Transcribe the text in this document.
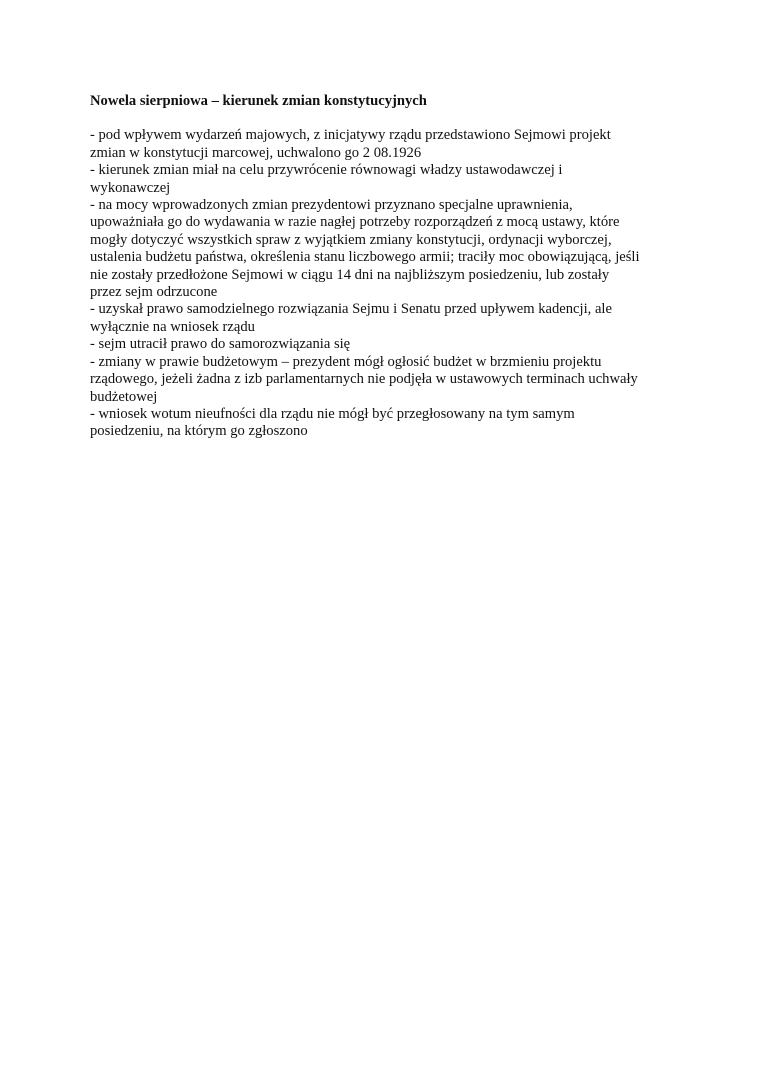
Nowela sierpniowa – kierunek zmian konstytucyjnych

- pod wpływem wydarzeń majowych, z inicjatywy rządu przedstawiono Sejmowi projekt

zmian w konstytucji marcowej, uchwalono go 2 08.1926

- kierunek zmian miał na celu przywrócenie równowagi władzy ustawodawczej i

wykonawczej

- na mocy wprowadzonych zmian prezydentowi przyznano specjalne uprawnienia,

upoważniała go do wydawania w razie nagłej potrzeby rozporządzeń z mocą ustawy, które

mogły dotyczyć wszystkich spraw z wyjątkiem zmiany konstytucji, ordynacji wyborczej,

ustalenia budżetu państwa, określenia stanu liczbowego armii; traciły moc obowiązującą, jeśli

nie zostały przedłożone Sejmowi w ciągu 14 dni na najbliższym posiedzeniu, lub zostały

przez sejm odrzucone

- uzyskał prawo samodzielnego rozwiązania Sejmu i Senatu przed upływem kadencji, ale

wyłącznie na wniosek rządu

- sejm utracił prawo do samorozwiązania się

- zmiany w prawie budżetowym – prezydent mógł ogłosić budżet w brzmieniu projektu

rządowego, jeżeli żadna z izb parlamentarnych nie podjęła w ustawowych terminach uchwały

budżetowej

- wniosek wotum nieufności dla rządu nie mógł być przegłosowany na tym samym

posiedzeniu, na którym go zgłoszono
